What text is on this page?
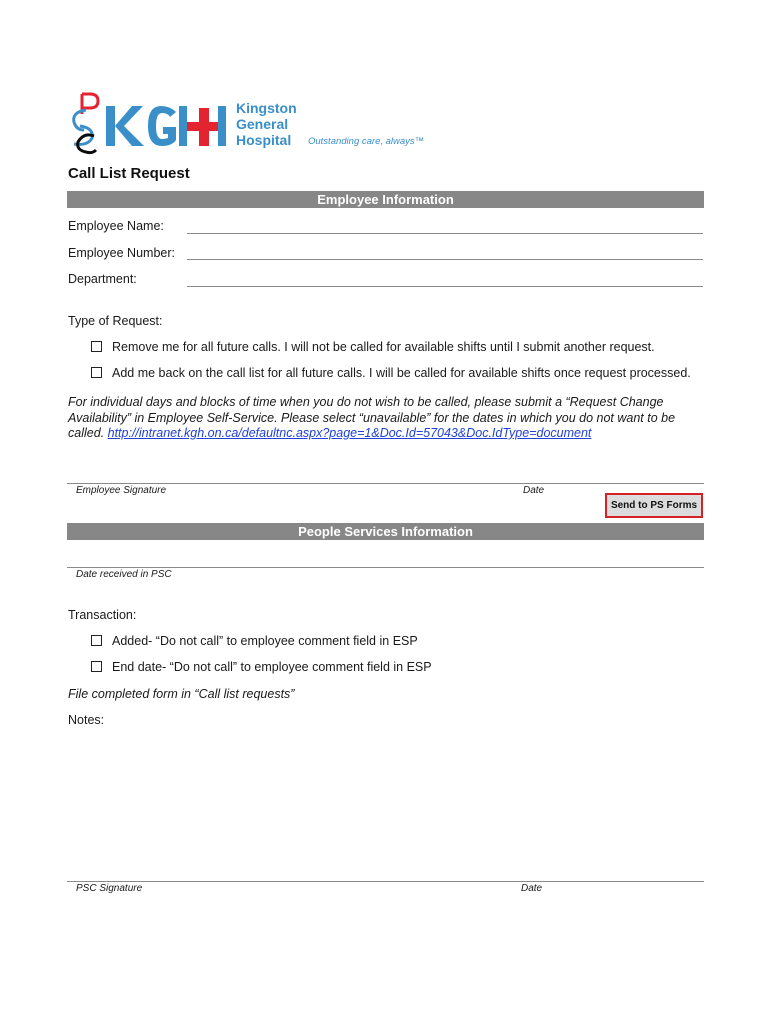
Kingston
General
Hospital	Outstanding care, always™
Call List Request
Employee Information
Employee Name:
Employee Number:
Department:
Type of Request:
Remove me for all future calls. I will not be called for available shifts until I submit another request.
Add me back on the call list for all future calls. I will be called for available shifts once request processed.
For individual days and blocks of time when you do not wish to be called, please submit a “Request Change Availability” in Employee Self-Service. Please select “unavailable” for the dates in which you do not want to be called. http://intranet.kgh.on.ca/defaultnc.aspx?page=1&Doc.Id=57043&Doc.IdType=document
Employee Signature	Date
Send to PS Forms
People Services Information
Date received in PSC
Transaction:
Added- “Do not call” to employee comment field in ESP
End date- “Do not call” to employee comment field in ESP
File completed form in “Call list requests”
Notes:
PSC Signature	Date
